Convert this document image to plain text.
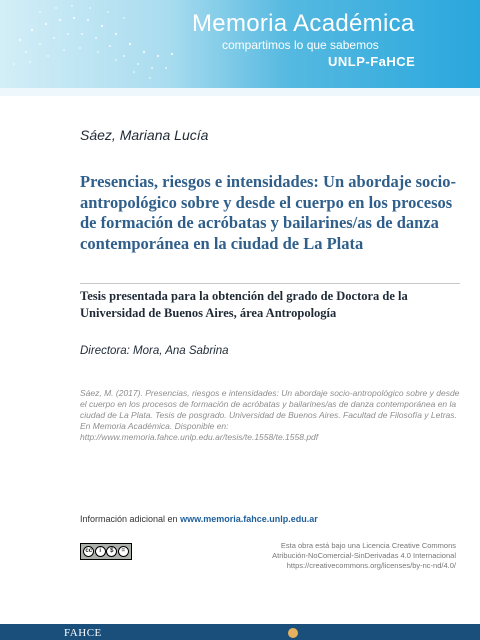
Memoria Académica
compartimos lo que sabemos
UNLP-FaHCE
Sáez, Mariana Lucía
Presencias, riesgos e intensidades: Un abordaje socio-antropológico sobre y desde el cuerpo en los procesos de formación de acróbatas y bailarines/as de danza contemporánea en la ciudad de La Plata
Tesis presentada para la obtención del grado de Doctora de la Universidad de Buenos Aires, área Antropología
Directora: Mora, Ana Sabrina
Sáez, M. (2017). Presencias, riesgos e intensidades: Un abordaje socio-antropológico sobre y desde el cuerpo en los procesos de formación de acróbatas y bailarines/as de danza contemporánea en la ciudad de La Plata. Tesis de posgrado. Universidad de Buenos Aires. Facultad de Filosofía y Letras. En Memoria Académica. Disponible en: http://www.memoria.fahce.unlp.edu.ar/tesis/te.1558/te.1558.pdf
Información adicional en www.memoria.fahce.unlp.edu.ar
cc	i	$	=
Esta obra está bajo una Licencia Creative Commons
Atribución-NoComercial-SinDerivadas 4.0 Internacional
https://creativecommons.org/licenses/by-nc-nd/4.0/
FAHCE
